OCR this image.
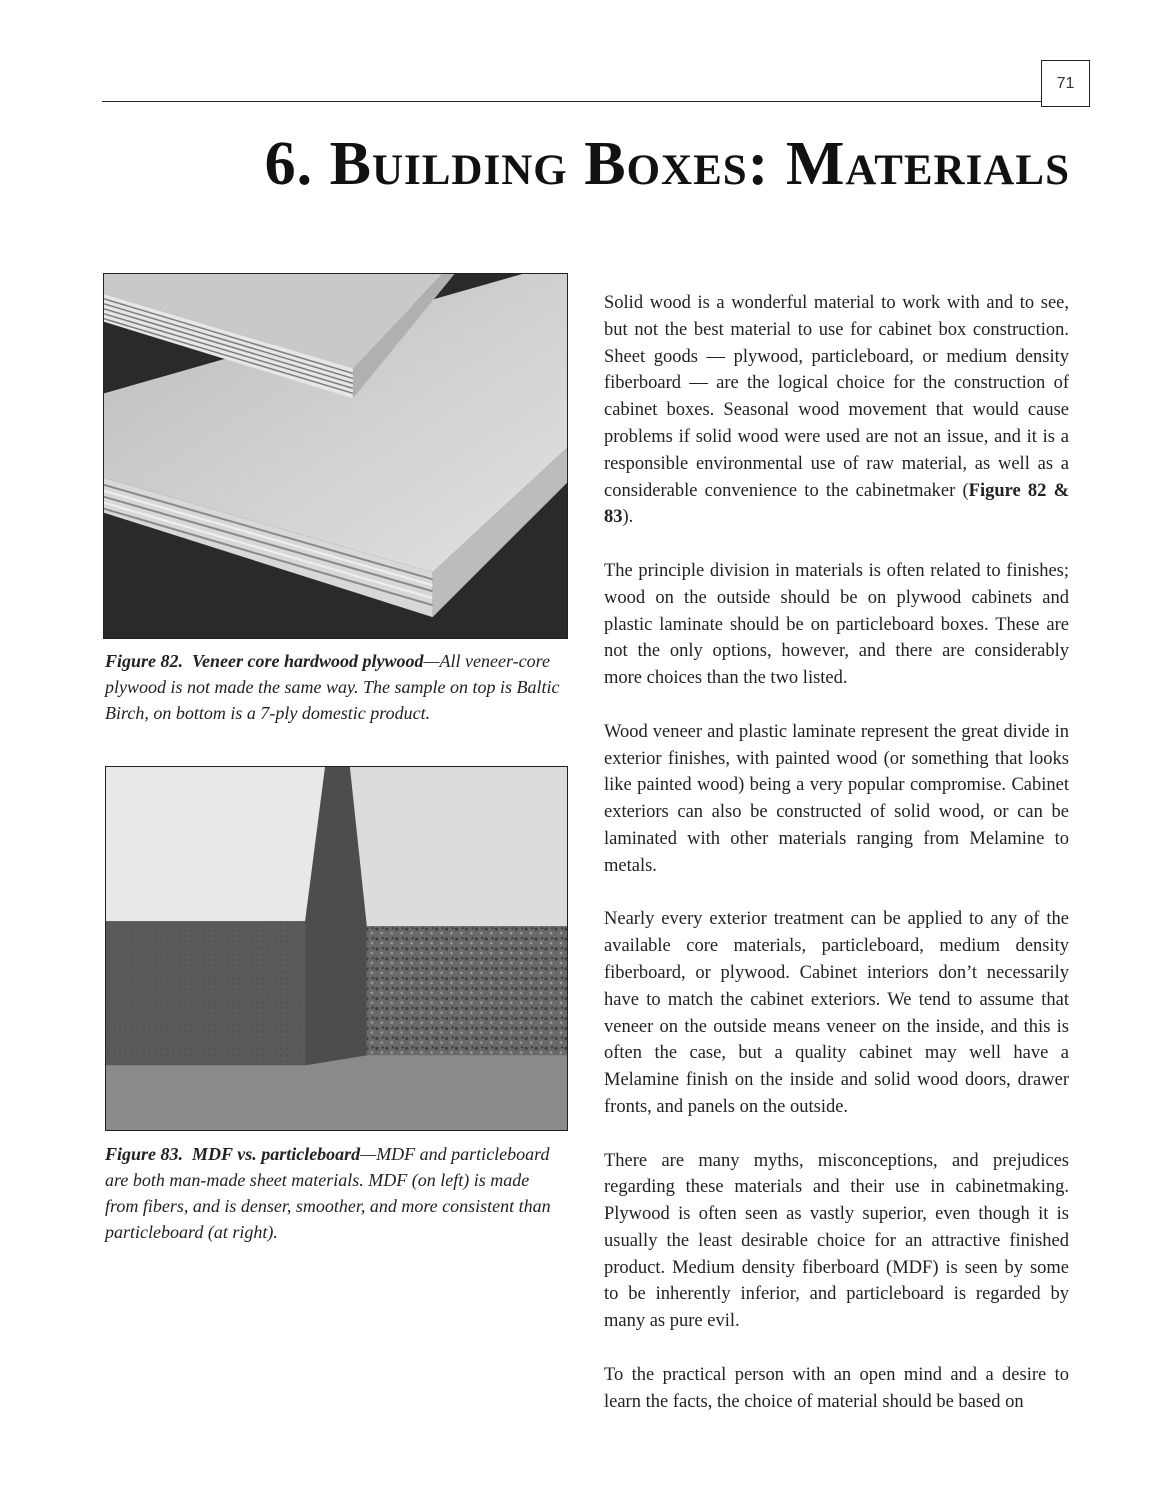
71
6. Building Boxes: Materials

Figure 82. Veneer core hardwood plywood—All veneer-core plywood is not made the same way. The sample on top is Baltic Birch, on bottom is a 7-ply domestic product.

Figure 83. MDF vs. particleboard—MDF and particleboard are both man-made sheet materials. MDF (on left) is made from fibers, and is denser, smoother, and more consistent than particleboard (at right).

Solid wood is a wonderful material to work with and to see, but not the best material to use for cabinet box construction. Sheet goods — plywood, particleboard, or medium density fiberboard — are the logical choice for the construction of cabinet boxes. Seasonal wood movement that would cause problems if solid wood were used are not an issue, and it is a responsible environmental use of raw material, as well as a considerable convenience to the cabinetmaker (Figure 82 & 83).

The principle division in materials is often related to finishes; wood on the outside should be on plywood cabinets and plastic laminate should be on particleboard boxes. These are not the only options, however, and there are considerably more choices than the two listed.

Wood veneer and plastic laminate represent the great divide in exterior finishes, with painted wood (or something that looks like painted wood) being a very popular compromise. Cabinet exteriors can also be constructed of solid wood, or can be laminated with other materials ranging from Melamine to metals.

Nearly every exterior treatment can be applied to any of the available core materials, particleboard, medium density fiberboard, or plywood. Cabinet interiors don’t necessarily have to match the cabinet exteriors. We tend to assume that veneer on the outside means veneer on the inside, and this is often the case, but a quality cabinet may well have a Melamine finish on the inside and solid wood doors, drawer fronts, and panels on the outside.

There are many myths, misconceptions, and prejudices regarding these materials and their use in cabinetmaking. Plywood is often seen as vastly superior, even though it is usually the least desirable choice for an attractive finished product. Medium density fiberboard (MDF) is seen by some to be inherently inferior, and particleboard is regarded by many as pure evil.

To the practical person with an open mind and a desire to learn the facts, the choice of material should be based on
